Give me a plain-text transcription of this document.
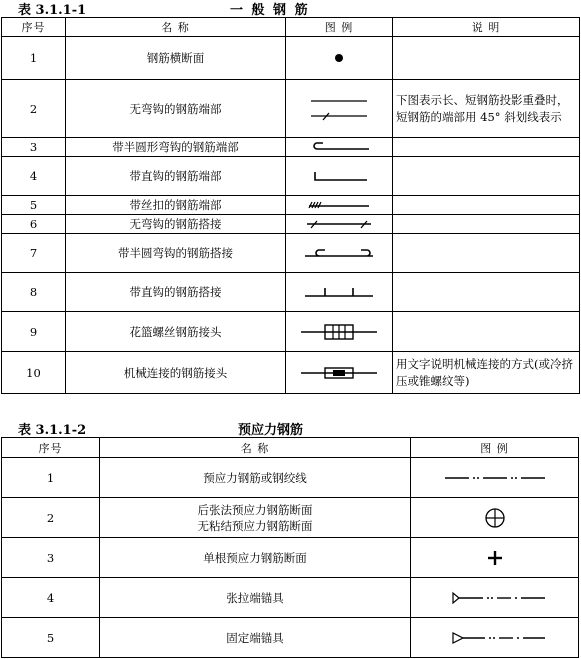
表 3.1.1-1	一 般 钢 筋
序号	名 称	图 例	说 明
1	钢筋横断面	

2	无弯钩的钢筋端部		下图表示长、短钢筋投影重叠时，短钢筋的端部用 45° 斜划线表示
3	带半圆形弯钩的钢筋端部	

4	带直钩的钢筋端部	

5	带丝扣的钢筋端部	

6	无弯钩的钢筋搭接	

7	带半圆弯钩的钢筋搭接	

8	带直钩的钢筋搭接	

9	花篮螺丝钢筋接头	

10	机械连接的钢筋接头		用文字说明机械连接的方式(或冷挤压或锥螺纹等)
表 3.1.1-2	预应力钢筋
序号	名 称	图 例
1	预应力钢筋或钢绞线

2	后张法预应力钢筋断面
无粘结预应力钢筋断面

3	单根预应力钢筋断面

4	张拉端锚具

5	固定端锚具
